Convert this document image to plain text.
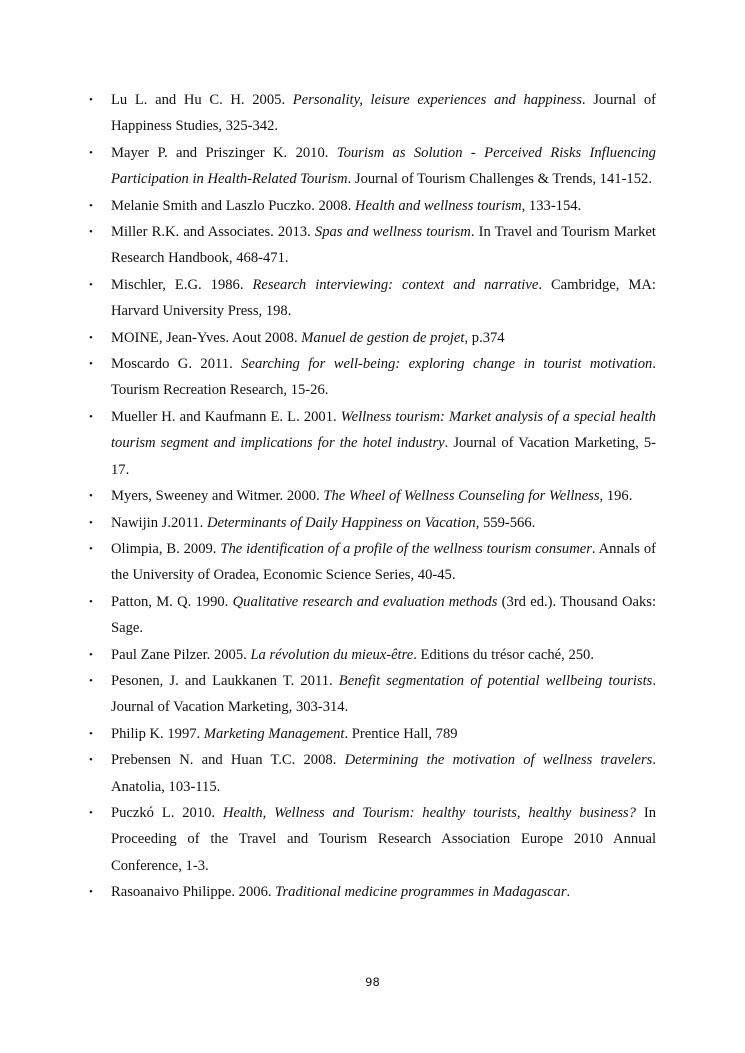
• Lu L. and Hu C. H. 2005. Personality, leisure experiences and happiness. Journal of Happiness Studies, 325-342.
• Mayer P. and Priszinger K. 2010. Tourism as Solution - Perceived Risks Influencing Participation in Health-Related Tourism. Journal of Tourism Challenges & Trends, 141-152.
• Melanie Smith and Laszlo Puczko. 2008. Health and wellness tourism, 133-154.
• Miller R.K. and Associates. 2013. Spas and wellness tourism. In Travel and Tourism Market Research Handbook, 468-471.
• Mischler, E.G. 1986. Research interviewing: context and narrative. Cambridge, MA: Harvard University Press, 198.
• MOINE, Jean-Yves. Aout 2008. Manuel de gestion de projet, p.374
• Moscardo G. 2011. Searching for well-being: exploring change in tourist motivation. Tourism Recreation Research, 15-26.
• Mueller H. and Kaufmann E. L. 2001. Wellness tourism: Market analysis of a special health tourism segment and implications for the hotel industry. Journal of Vacation Marketing, 5-17.
• Myers, Sweeney and Witmer. 2000. The Wheel of Wellness Counseling for Wellness, 196.
• Nawijin J.2011. Determinants of Daily Happiness on Vacation, 559-566.
• Olimpia, B. 2009. The identification of a profile of the wellness tourism consumer. Annals of the University of Oradea, Economic Science Series, 40-45.
• Patton, M. Q. 1990. Qualitative research and evaluation methods (3rd ed.). Thousand Oaks: Sage.
• Paul Zane Pilzer. 2005. La révolution du mieux-être. Editions du trésor caché, 250.
• Pesonen, J. and Laukkanen T. 2011. Benefit segmentation of potential wellbeing tourists. Journal of Vacation Marketing, 303-314.
• Philip K. 1997. Marketing Management. Prentice Hall, 789
• Prebensen N. and Huan T.C. 2008. Determining the motivation of wellness travelers. Anatolia, 103-115.
• Puczkó L. 2010. Health, Wellness and Tourism: healthy tourists, healthy business? In Proceeding of the Travel and Tourism Research Association Europe 2010 Annual Conference, 1-3.
• Rasoanaivo Philippe. 2006. Traditional medicine programmes in Madagascar.
98
